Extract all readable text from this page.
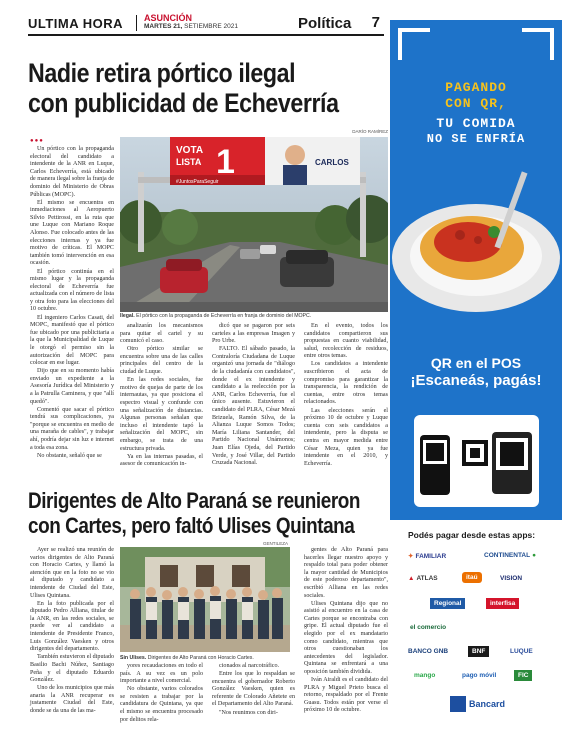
ULTIMA HORA ASUNCIÓN
MARTES 21, SETIEMBRE 2021	Política 7
Nadie retira pórtico ilegal
con publicidad de Echeverría
DARÍO RAMÍREZ
●●●

Un pórtico con la propaganda electoral del candidato a intendente de la ANR en Luque, Carlos Echeverría, está ubicado de manera ilegal sobre la franja de dominio del Ministerio de Obras Públicas (MOPC).

El mismo se encuentra en inmediaciones al Aeropuerto Silvio Pettirossi, en la ruta que une Luque con Mariano Roque Alonso. Fue colocado antes de las elecciones internas y ya fue motivo de críticas. El MOPC también tomó intervención en esa ocasión.

El pórtico continúa en el mismo lugar y la propaganda electoral de Echeverría fue actualizada con el número de lista y otra foto para las elecciones del 10 octubre.

El ingeniero Carlos Casati, del MOPC, manifestó que el pórtico fue ubicado por una publicitaria a la que la Municipalidad de Luque le otorgó el permiso sin la autorización del MOPC para colocar en ese lugar.

Dijo que en su momento había enviado un expediente a la Asesoría Jurídica del Ministerio y a la Patrulla Caminera, y que "allí quedó".

Comentó que sacar el pórtico tendrá sus complicaciones, ya "porque se encuentra en medio de una maraña de cables", y trabajar ahí, podría dejar sin luz e internet a toda esa zona.

No obstante, señaló que se

VOTA
LISTA 1
#JuntosParaSeguir
CARLOS
Ilegal. El pórtico con la propaganda de Echeverría en franja de dominio del MOPC.

analizarán los mecanismos para quitar el cartel y su comunicó el caso.

Otro pórtico similar se encuentra sobre una de las calles principales del centro de la ciudad de Luque.

En las redes sociales, fue motivo de quejas de parte de los internautas, ya que posiciona el espectro visual y confunde con una señalización de distancias. Algunas personas señalan que incluso el intendente tapó la señalización del MOPC, sin embargo, se trata de una estructura privada.

Ya en las internas pasadas, el asesor de comunicación in-

dicó que se pagaron por seis carteles a las empresas Imagen y Pro Urbe.

FALTO. El sábado pasado, la Contraloría Ciudadana de Luque organizó una jornada de "diálogo de la ciudadanía con candidatos", donde el ex intendente y candidato a la reelección por la ANR, Carlos Echeverría, fue el único ausente. Estuvieron el candidato del PLRA, César Mezá Brizuela, Ramón Silva, de la Alianza Luque Somos Todos; María Liliana Santander, del Partido Nacional Unámonos; Juan Elías Ojeda, del Partido Verde, y José Villar, del Partido Cruzada Nacional.

En el evento, todos los candidatos compartieron sus propuestas en cuanto viabilidad, salud, recolección de residuos, entre otros temas.

Los candidatos a intendente suscribieron el acta de compromiso para garantizar la transparencia, la rendición de cuentas, entre otros temas relacionados.

Las elecciones serán el próximo 10 de octubre y Luque cuenta con seis candidatos a intendente, pero la disputa se centra en mayor medida entre César Meza, quien ya fue intendente en el 2010, y Echeverría.

Dirigentes de Alto Paraná se reunieron
con Cartes, pero faltó Ulises Quintana
GENTILEZA

Ayer se realizó una reunión de varios dirigentes de Alto Paraná con Horacio Cartes, y llamó la atención que en la foto no se vio al diputado y candidato a intendente de Ciudad del Este, Ulises Quintana.

En la foto publicada por el diputado Pedro Alliana, titular de la ANR, en las redes sociales, se puede ver al candidato a intendente de Presidente Franco, Luis González Vaesken y otros dirigentes del departamento.

También estuvieron el diputado Basilio Bachi Núñez, Santiago Peña y el diputado Eduardo González.

Uno de los municipios que más anaria la ANR recuperar es justamente Ciudad del Este, donde se da una de las ma-

Sin Ulises. Dirigentes de Alto Paraná con Horacio Cartes.

yores recaudaciones en todo el país. A su vez es un polo importante a nivel comercial.

No obstante, varios colorados se resisten a trabajar por la candidatura de Quintana, ya que el mismo se encuentra procesado por delitos rela-

cionados al narcotráfico.

Entre los que lo respaldan se encuentra el gobernador Roberto González Vaesken, quien es referente de Colorado Añetete en el Departamento del Alto Paraná.

"Nos reunimos con diri-

gentes de Alto Paraná para hacerles llegar nuestro apoyo y respaldo total para poder obtener la mayor cantidad de Municipios de este poderoso departamento", escribió Alliana en las redes sociales.

Ulises Quintana dijo que no asistió al encuentro en la casa de Cartes porque se encontraba con gripe. El actual diputado fue el elegido por el ex mandatario como candidato, mientras que otros cuestionaban los antecedentes del legislador. Quintana se enfrentará a una oposición también dividida.

Iván Airaldi es el candidato del PLRA y Miguel Prieto busca el retorno, respaldado por el Frente Guasu. Todos están por verse el próximo 10 de octubre.

PAGANDO
CON QR,
TU COMIDA
NO SE ENFRÍA
QR en el POS
¡Escaneás, pagás!
Podés pagar desde estas apps:
✦ FAMILIAR	CONTINENTAL ●
▲ ATLAS	itaú	VISION
Regional	interfisa
el comercio
BANCO GNB	BNF	LUQUE
mango	pago móvil	FIC
Bancard
